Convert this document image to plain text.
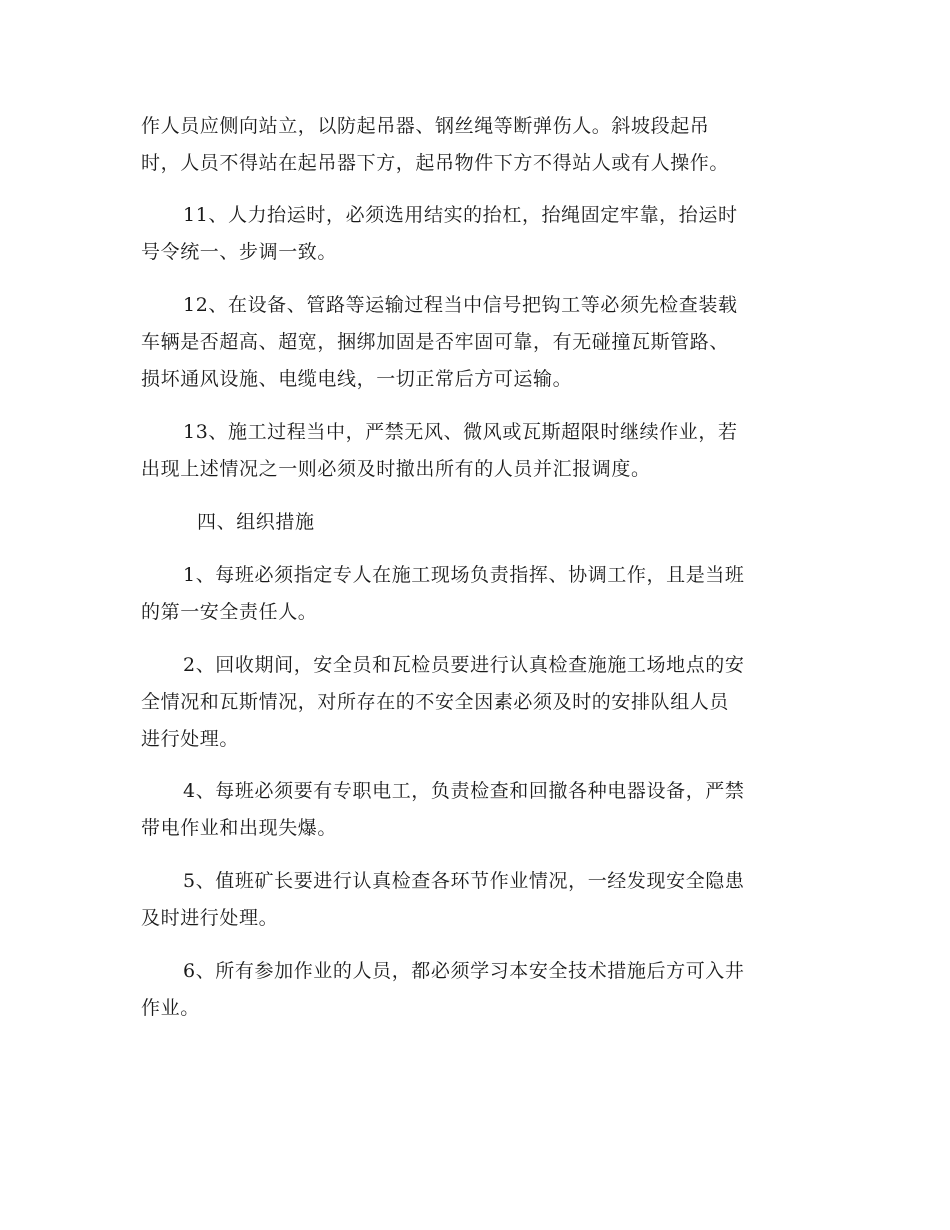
作人员应侧向站立，以防起吊器、钢丝绳等断弹伤人。斜坡段起吊
时，人员不得站在起吊器下方，起吊物件下方不得站人或有人操作。

11、人力抬运时，必须选用结实的抬杠，抬绳固定牢靠，抬运时
号令统一、步调一致。

12、在设备、管路等运输过程当中信号把钩工等必须先检查装载
车辆是否超高、超宽，捆绑加固是否牢固可靠，有无碰撞瓦斯管路、
损坏通风设施、电缆电线，一切正常后方可运输。

13、施工过程当中，严禁无风、微风或瓦斯超限时继续作业，若
出现上述情况之一则必须及时撤出所有的人员并汇报调度。

四、组织措施

1、每班必须指定专人在施工现场负责指挥、协调工作，且是当班
的第一安全责任人。

2、回收期间，安全员和瓦检员要进行认真检查施施工场地点的安
全情况和瓦斯情况，对所存在的不安全因素必须及时的安排队组人员
进行处理。

4、每班必须要有专职电工，负责检查和回撤各种电器设备，严禁
带电作业和出现失爆。

5、值班矿长要进行认真检查各环节作业情况，一经发现安全隐患
及时进行处理。

6、所有参加作业的人员，都必须学习本安全技术措施后方可入井
作业。
